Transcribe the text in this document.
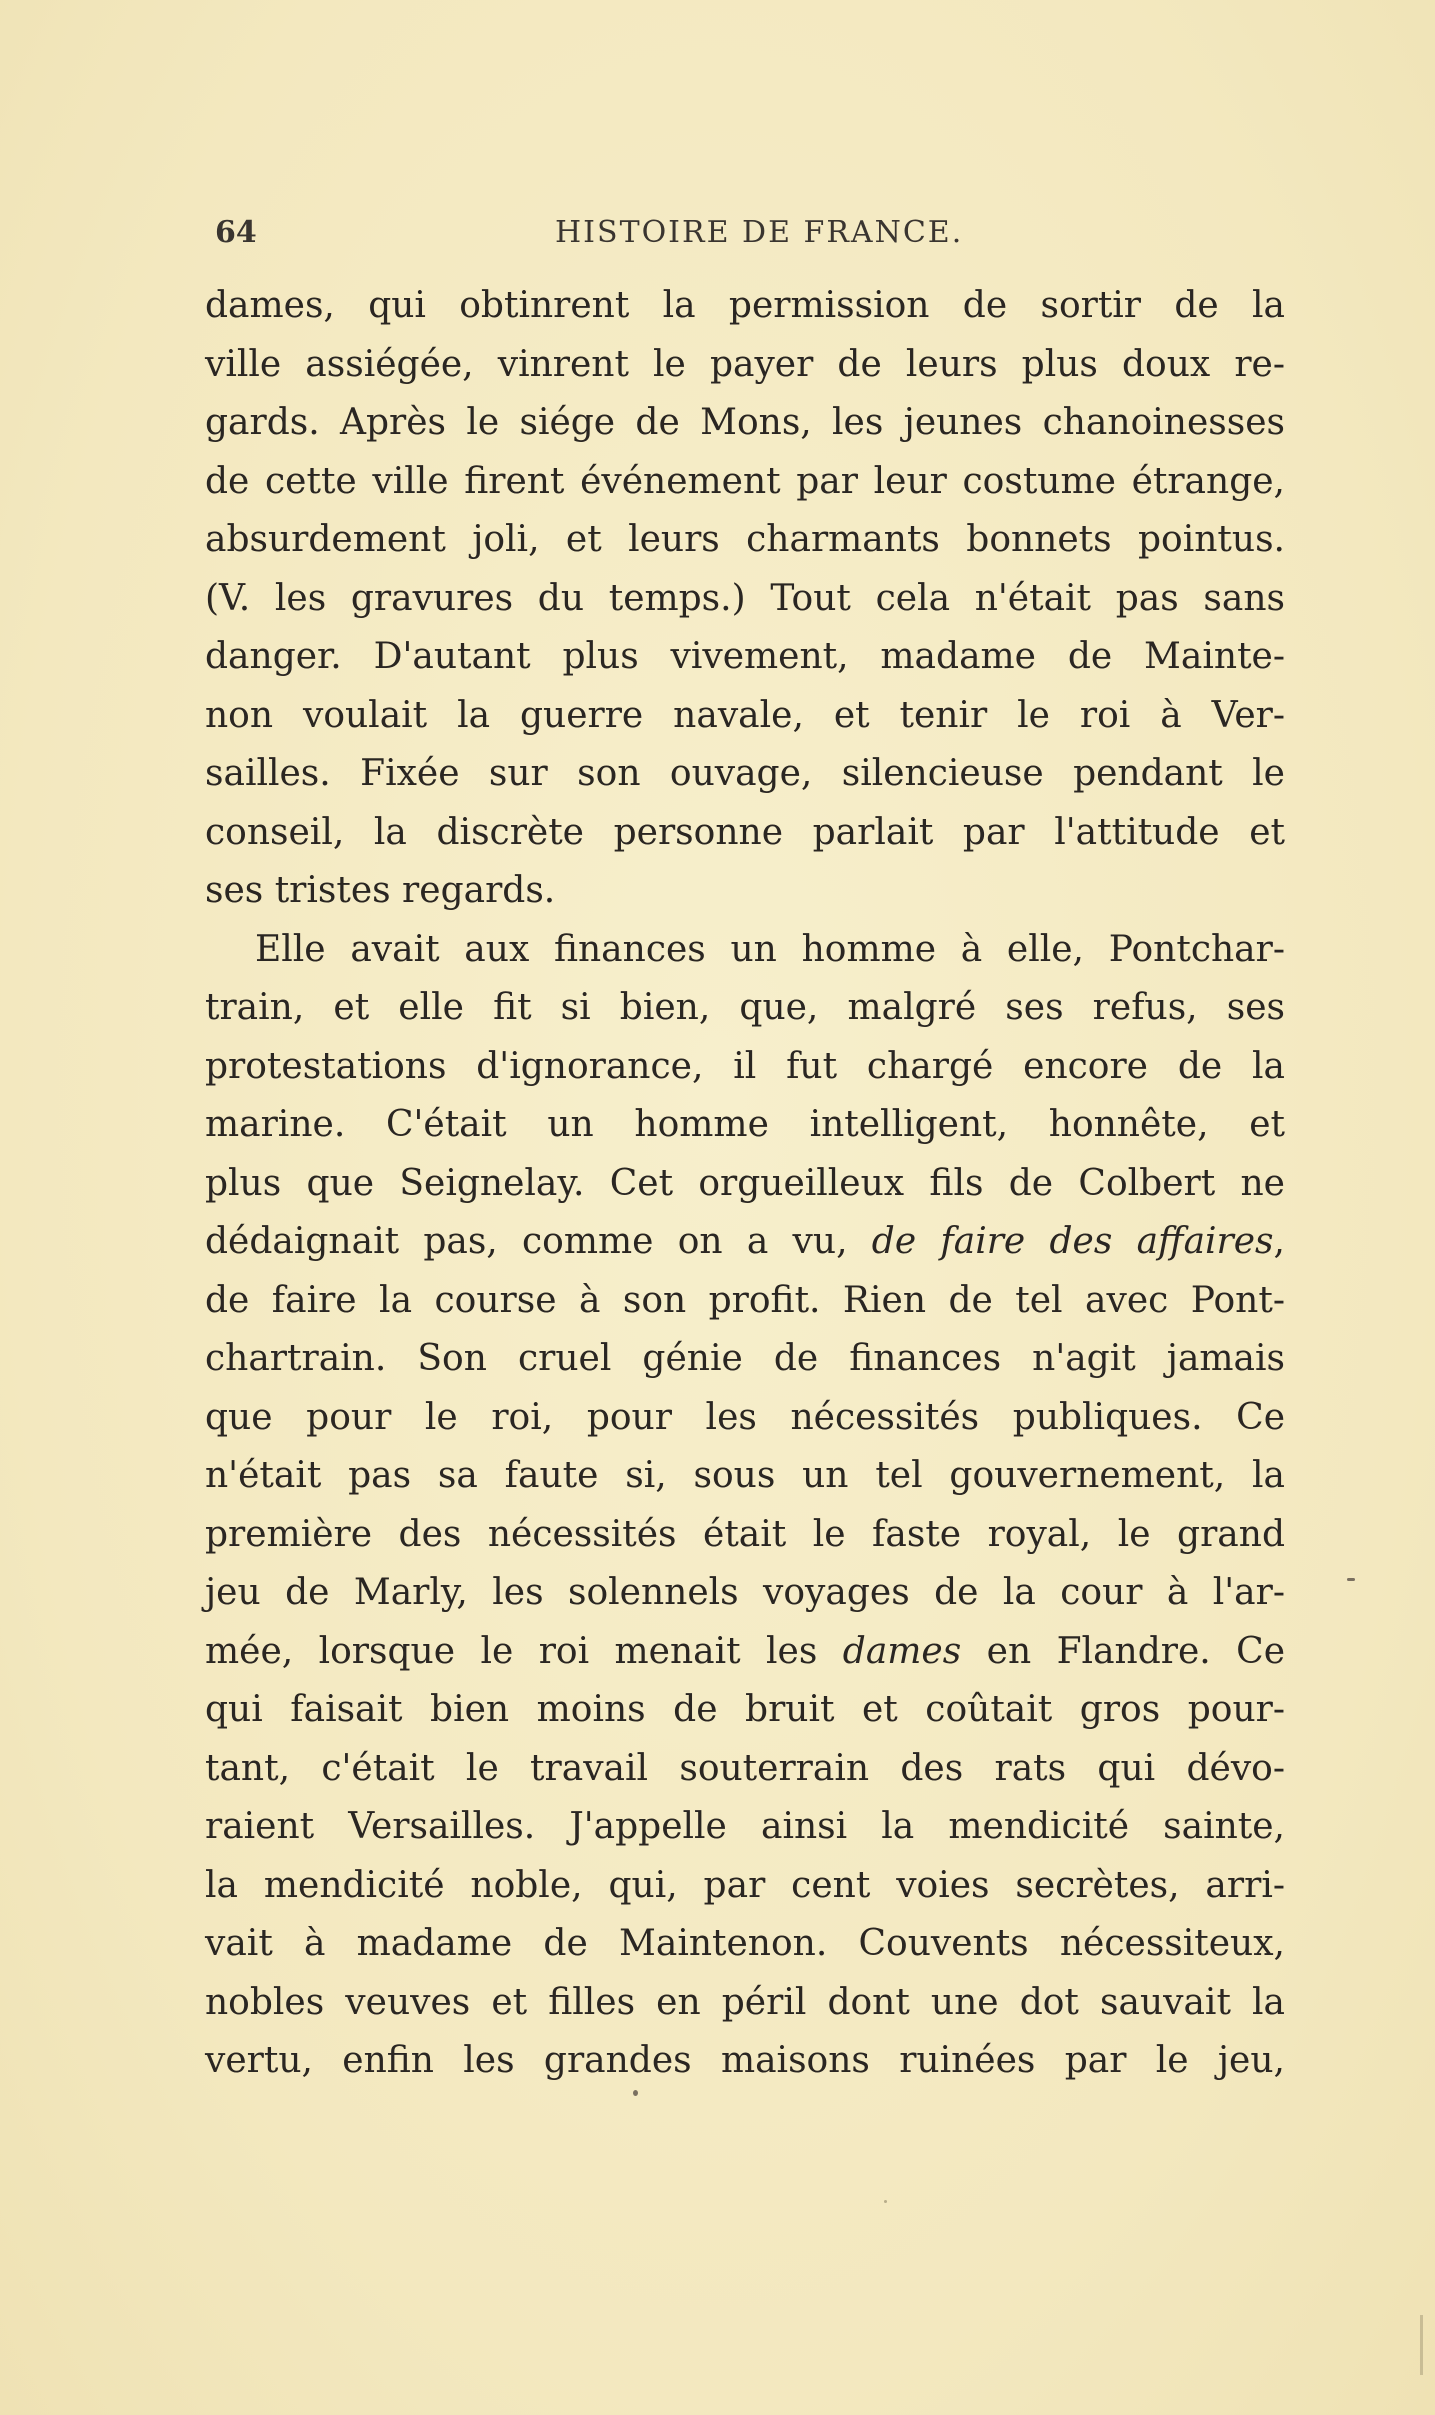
64	HISTOIRE DE FRANCE.
dames, qui obtinrent la permission de sortir de la
ville assiégée, vinrent le payer de leurs plus doux re-
gards. Après le siége de Mons, les jeunes chanoinesses
de cette ville firent événement par leur costume étrange,
absurdement joli, et leurs charmants bonnets pointus.
(V. les gravures du temps.) Tout cela n'était pas sans
danger. D'autant plus vivement, madame de Mainte-
non voulait la guerre navale, et tenir le roi à Ver-
sailles. Fixée sur son ouvage, silencieuse pendant le
conseil, la discrète personne parlait par l'attitude et
ses tristes regards.
Elle avait aux finances un homme à elle, Pontchar-
train, et elle fit si bien, que, malgré ses refus, ses
protestations d'ignorance, il fut chargé encore de la
marine. C'était un homme intelligent, honnête, et
plus que Seignelay. Cet orgueilleux fils de Colbert ne
dédaignait pas, comme on a vu, de faire des affaires,
de faire la course à son profit. Rien de tel avec Pont-
chartrain. Son cruel génie de finances n'agit jamais
que pour le roi, pour les nécessités publiques. Ce
n'était pas sa faute si, sous un tel gouvernement, la
première des nécessités était le faste royal, le grand
jeu de Marly, les solennels voyages de la cour à l'ar-
mée, lorsque le roi menait les dames en Flandre. Ce
qui faisait bien moins de bruit et coûtait gros pour-
tant, c'était le travail souterrain des rats qui dévo-
raient Versailles. J'appelle ainsi la mendicité sainte,
la mendicité noble, qui, par cent voies secrètes, arri-
vait à madame de Maintenon. Couvents nécessiteux,
nobles veuves et filles en péril dont une dot sauvait la
vertu, enfin les grandes maisons ruinées par le jeu,
